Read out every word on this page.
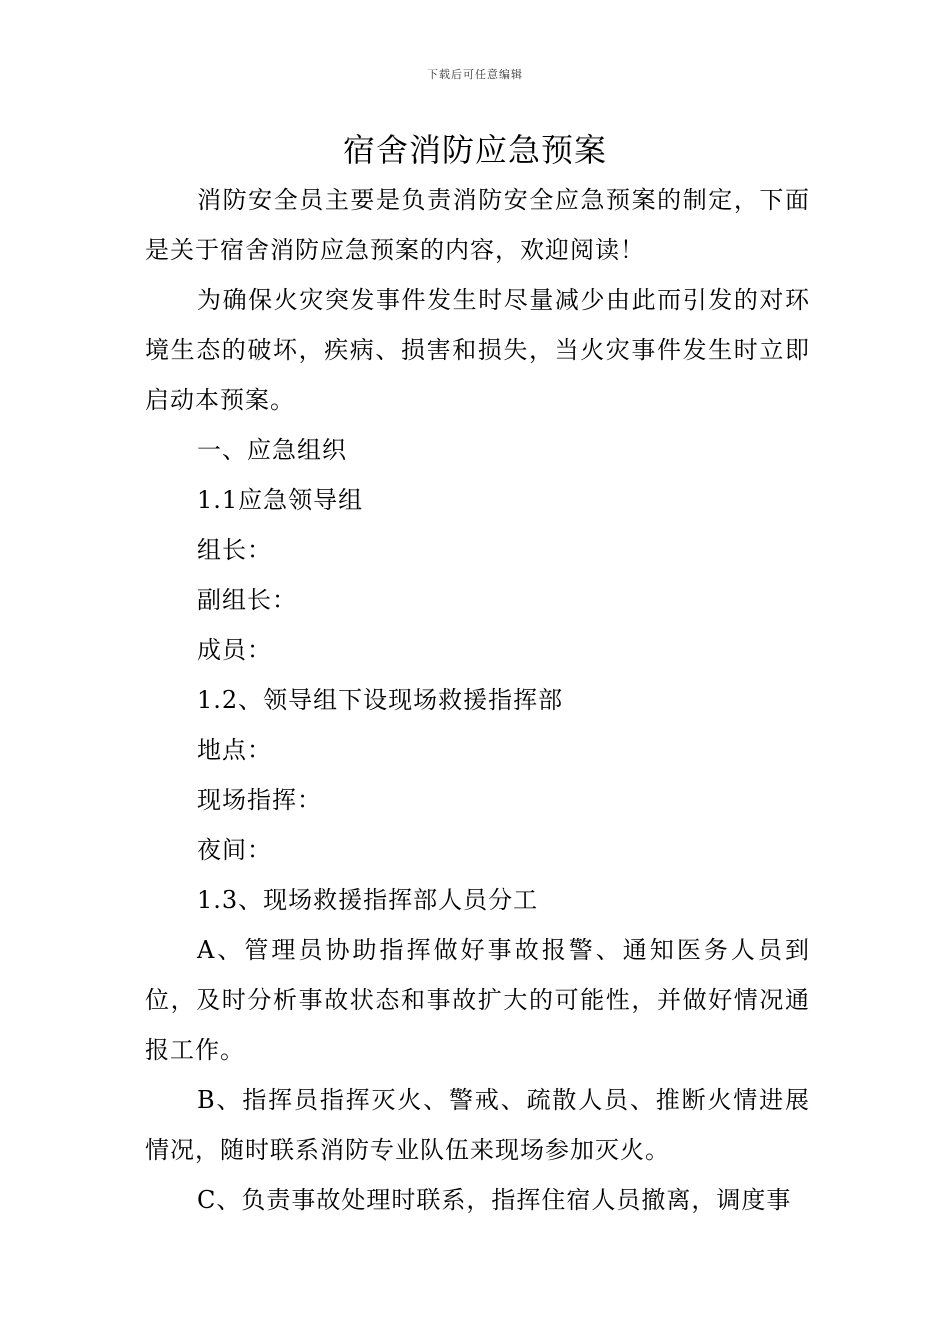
下载后可任意编辑
宿舍消防应急预案

消防安全员主要是负责消防安全应急预案的制定，下面是关于宿舍消防应急预案的内容，欢迎阅读！

为确保火灾突发事件发生时尽量减少由此而引发的对环境生态的破坏，疾病、损害和损失，当火灾事件发生时立即启动本预案。

一、应急组织

1.1应急领导组

组长：

副组长：

成员：

1.2、领导组下设现场救援指挥部

地点：

现场指挥：

夜间：

1.3、现场救援指挥部人员分工

A、管理员协助指挥做好事故报警、通知医务人员到位，及时分析事故状态和事故扩大的可能性，并做好情况通报工作。

B、指挥员指挥灭火、警戒、疏散人员、推断火情进展情况，随时联系消防专业队伍来现场参加灭火。

C、负责事故处理时联系，指挥住宿人员撤离，调度事
